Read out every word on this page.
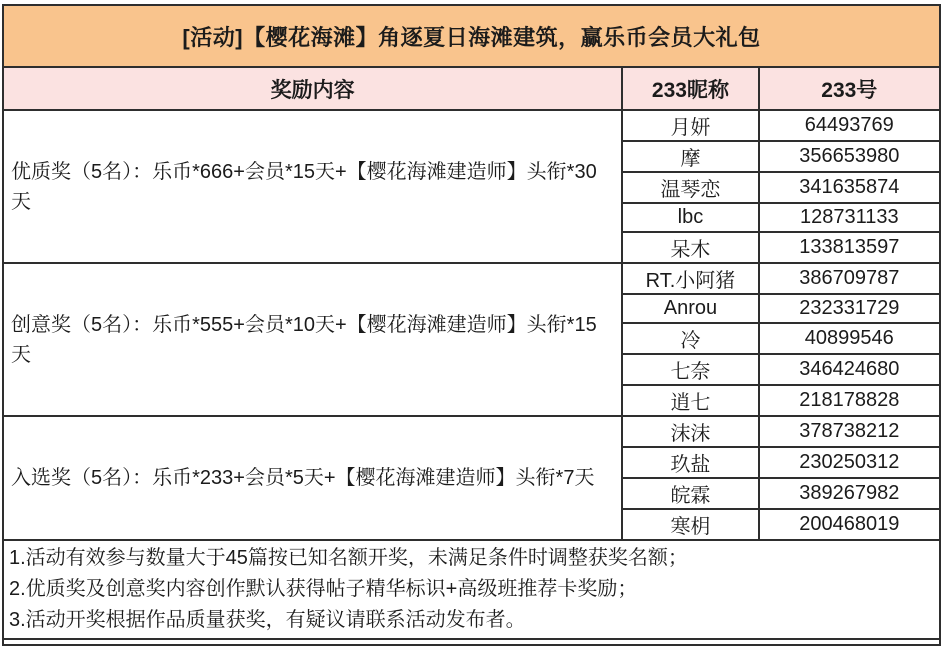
[活动]【樱花海滩】角逐夏日海滩建筑，赢乐币会员大礼包		
奖励内容	233昵称	233号
优质奖（5名）：乐币*666+会员*15天+【樱花海滩建造师】头衔*30天	月妍	64493769
	摩	356653980
	温琴恋	341635874
	lbc	128731133
	呆木	133813597
创意奖（5名）：乐币*555+会员*10天+【樱花海滩建造师】头衔*15天	RT.小阿猪	386709787
	Anrou	232331729
	冷	40899546
	七奈	346424680
	逍七	218178828
入选奖（5名）：乐币*233+会员*5天+【樱花海滩建造师】头衔*7天	沫沫	378738212
	玖盐	230250312
	皖霖	389267982
	寒枂	200468019

1.活动有效参与数量大于45篇按已知名额开奖，未满足条件时调整获奖名额；
2.优质奖及创意奖内容创作默认获得帖子精华标识+高级班推荐卡奖励；
3.活动开奖根据作品质量获奖，有疑议请联系活动发布者。		
